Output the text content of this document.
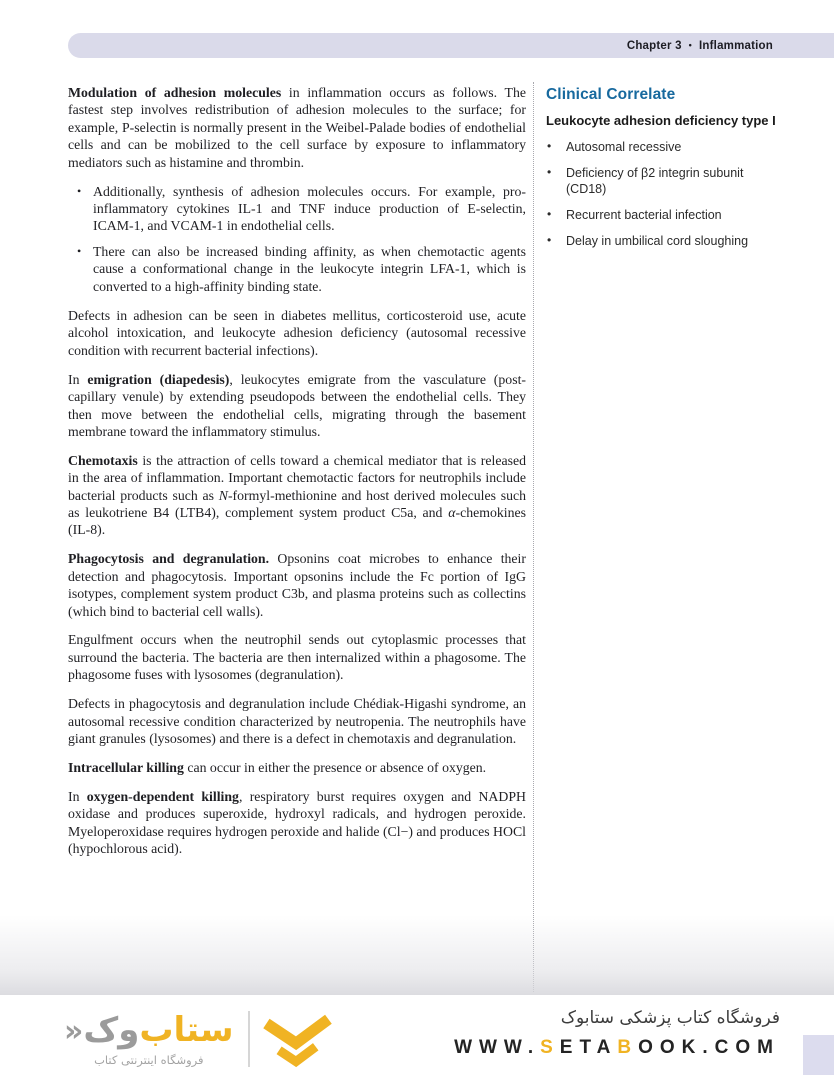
Chapter 3 • Inflammation

Modulation of adhesion molecules in inflammation occurs as follows. The fastest step involves redistribution of adhesion molecules to the surface; for example, P-selectin is normally present in the Weibel-Palade bodies of endothelial cells and can be mobilized to the cell surface by exposure to inflammatory mediators such as histamine and thrombin.

• Additionally, synthesis of adhesion molecules occurs. For example, pro-inflammatory cytokines IL-1 and TNF induce production of E-selectin, ICAM-1, and VCAM-1 in endothelial cells.
• There can also be increased binding affinity, as when chemotactic agents cause a conformational change in the leukocyte integrin LFA-1, which is converted to a high-affinity binding state.

Defects in adhesion can be seen in diabetes mellitus, corticosteroid use, acute alcohol intoxication, and leukocyte adhesion deficiency (autosomal recessive condition with recurrent bacterial infections).

In emigration (diapedesis), leukocytes emigrate from the vasculature (post-capillary venule) by extending pseudopods between the endothelial cells. They then move between the endothelial cells, migrating through the basement membrane toward the inflammatory stimulus.

Chemotaxis is the attraction of cells toward a chemical mediator that is released in the area of inflammation. Important chemotactic factors for neutrophils include bacterial products such as N-formyl-methionine and host derived molecules such as leukotriene B4 (LTB4), complement system product C5a, and α-chemokines (IL-8).

Phagocytosis and degranulation. Opsonins coat microbes to enhance their detection and phagocytosis. Important opsonins include the Fc portion of IgG isotypes, complement system product C3b, and plasma proteins such as collectins (which bind to bacterial cell walls).

Engulfment occurs when the neutrophil sends out cytoplasmic processes that surround the bacteria. The bacteria are then internalized within a phagosome. The phagosome fuses with lysosomes (degranulation).

Defects in phagocytosis and degranulation include Chédiak-Higashi syndrome, an autosomal recessive condition characterized by neutropenia. The neutrophils have giant granules (lysosomes) and there is a defect in chemotaxis and degranulation.

Intracellular killing can occur in either the presence or absence of oxygen.

In oxygen-dependent killing, respiratory burst requires oxygen and NADPH oxidase and produces superoxide, hydroxyl radicals, and hydrogen peroxide. Myeloperoxidase requires hydrogen peroxide and halide (Cl−) and produces HOCl (hypochlorous acid).

Clinical Correlate
Leukocyte adhesion deficiency type I
• Autosomal recessive
• Deficiency of β2 integrin subunit (CD18)
• Recurrent bacterial infection
• Delay in umbilical cord sloughing
ستاب
وک
«
فروشگاه اینترنتی کتاب
فروشگاه کتاب پزشکی ستابوک
WWW.SETABOOK.COM
